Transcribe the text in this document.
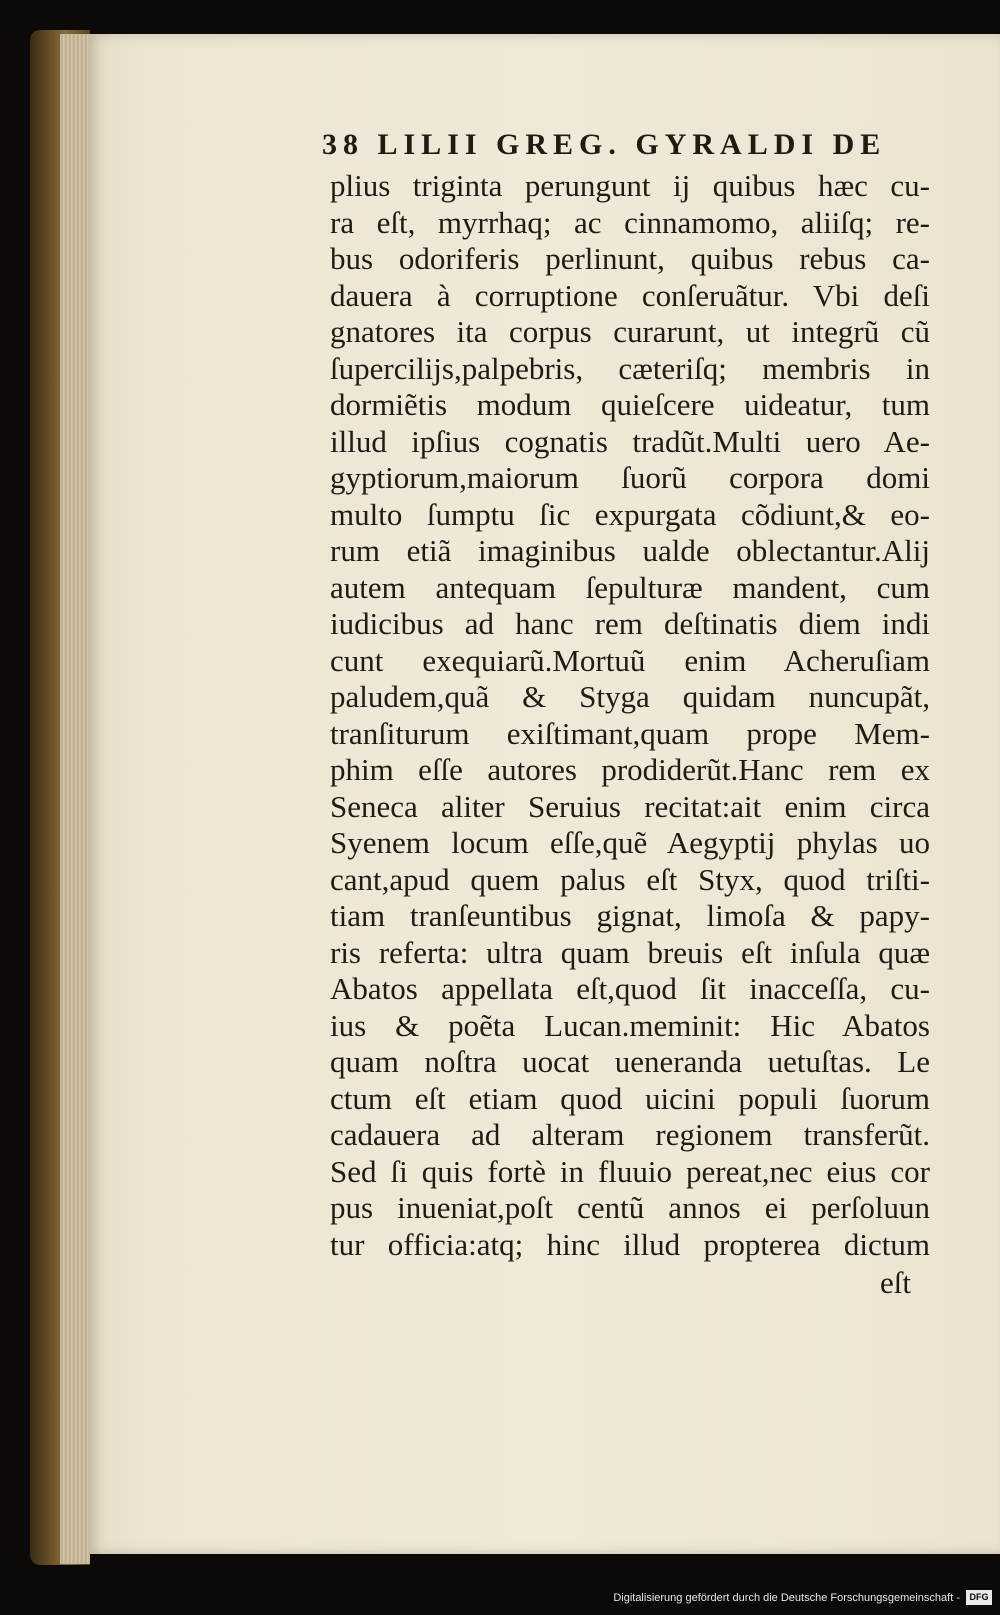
38 LILII GREG. GYRALDI DE
plius triginta perungunt ij quibus hæc cu-
ra eſt, myrrhaq; ac cinnamomo, aliiſq; re-
bus odoriferis perlinunt, quibus rebus ca-
dauera à corruptione conſeruãtur. Vbi deſi
gnatores ita corpus curarunt, ut integrũ cũ
ſupercilijs,palpebris, cæteriſq; membris in
dormiẽtis modum quieſcere uideatur, tum
illud ipſius cognatis tradũt.Multi uero Ae-
gyptiorum,maiorum ſuorũ corpora domi
multo ſumptu ſic expurgata cõdiunt,& eo-
rum etiã imaginibus ualde oblectantur.Alij
autem antequam ſepulturæ mandent, cum
iudicibus ad hanc rem deſtinatis diem indi
cunt exequiarũ.Mortuũ enim Acheruſiam
paludem,quã & Styga quidam nuncupãt,
tranſiturum exiſtimant,quam prope Mem-
phim eſſe autores prodiderũt.Hanc rem ex
Seneca aliter Seruius recitat:ait enim circa
Syenem locum eſſe,quẽ Aegyptij phylas uo
cant,apud quem palus eſt Styx, quod triſti-
tiam tranſeuntibus gignat, limoſa & papy-
ris referta: ultra quam breuis eſt inſula quæ
Abatos appellata eſt,quod ſit inacceſſa, cu-
ius & poẽta Lucan.meminit: Hic Abatos
quam noſtra uocat ueneranda uetuſtas. Le
ctum eſt etiam quod uicini populi ſuorum
cadauera ad alteram regionem transferũt.
Sed ſi quis fortè in fluuio pereat,nec eius cor
pus inueniat,poſt centũ annos ei perſoluun
tur officia:atq; hinc illud propterea dictum
eſt
Digitalisierung gefördert durch die Deutsche Forschungsgemeinschaft -	DFG
